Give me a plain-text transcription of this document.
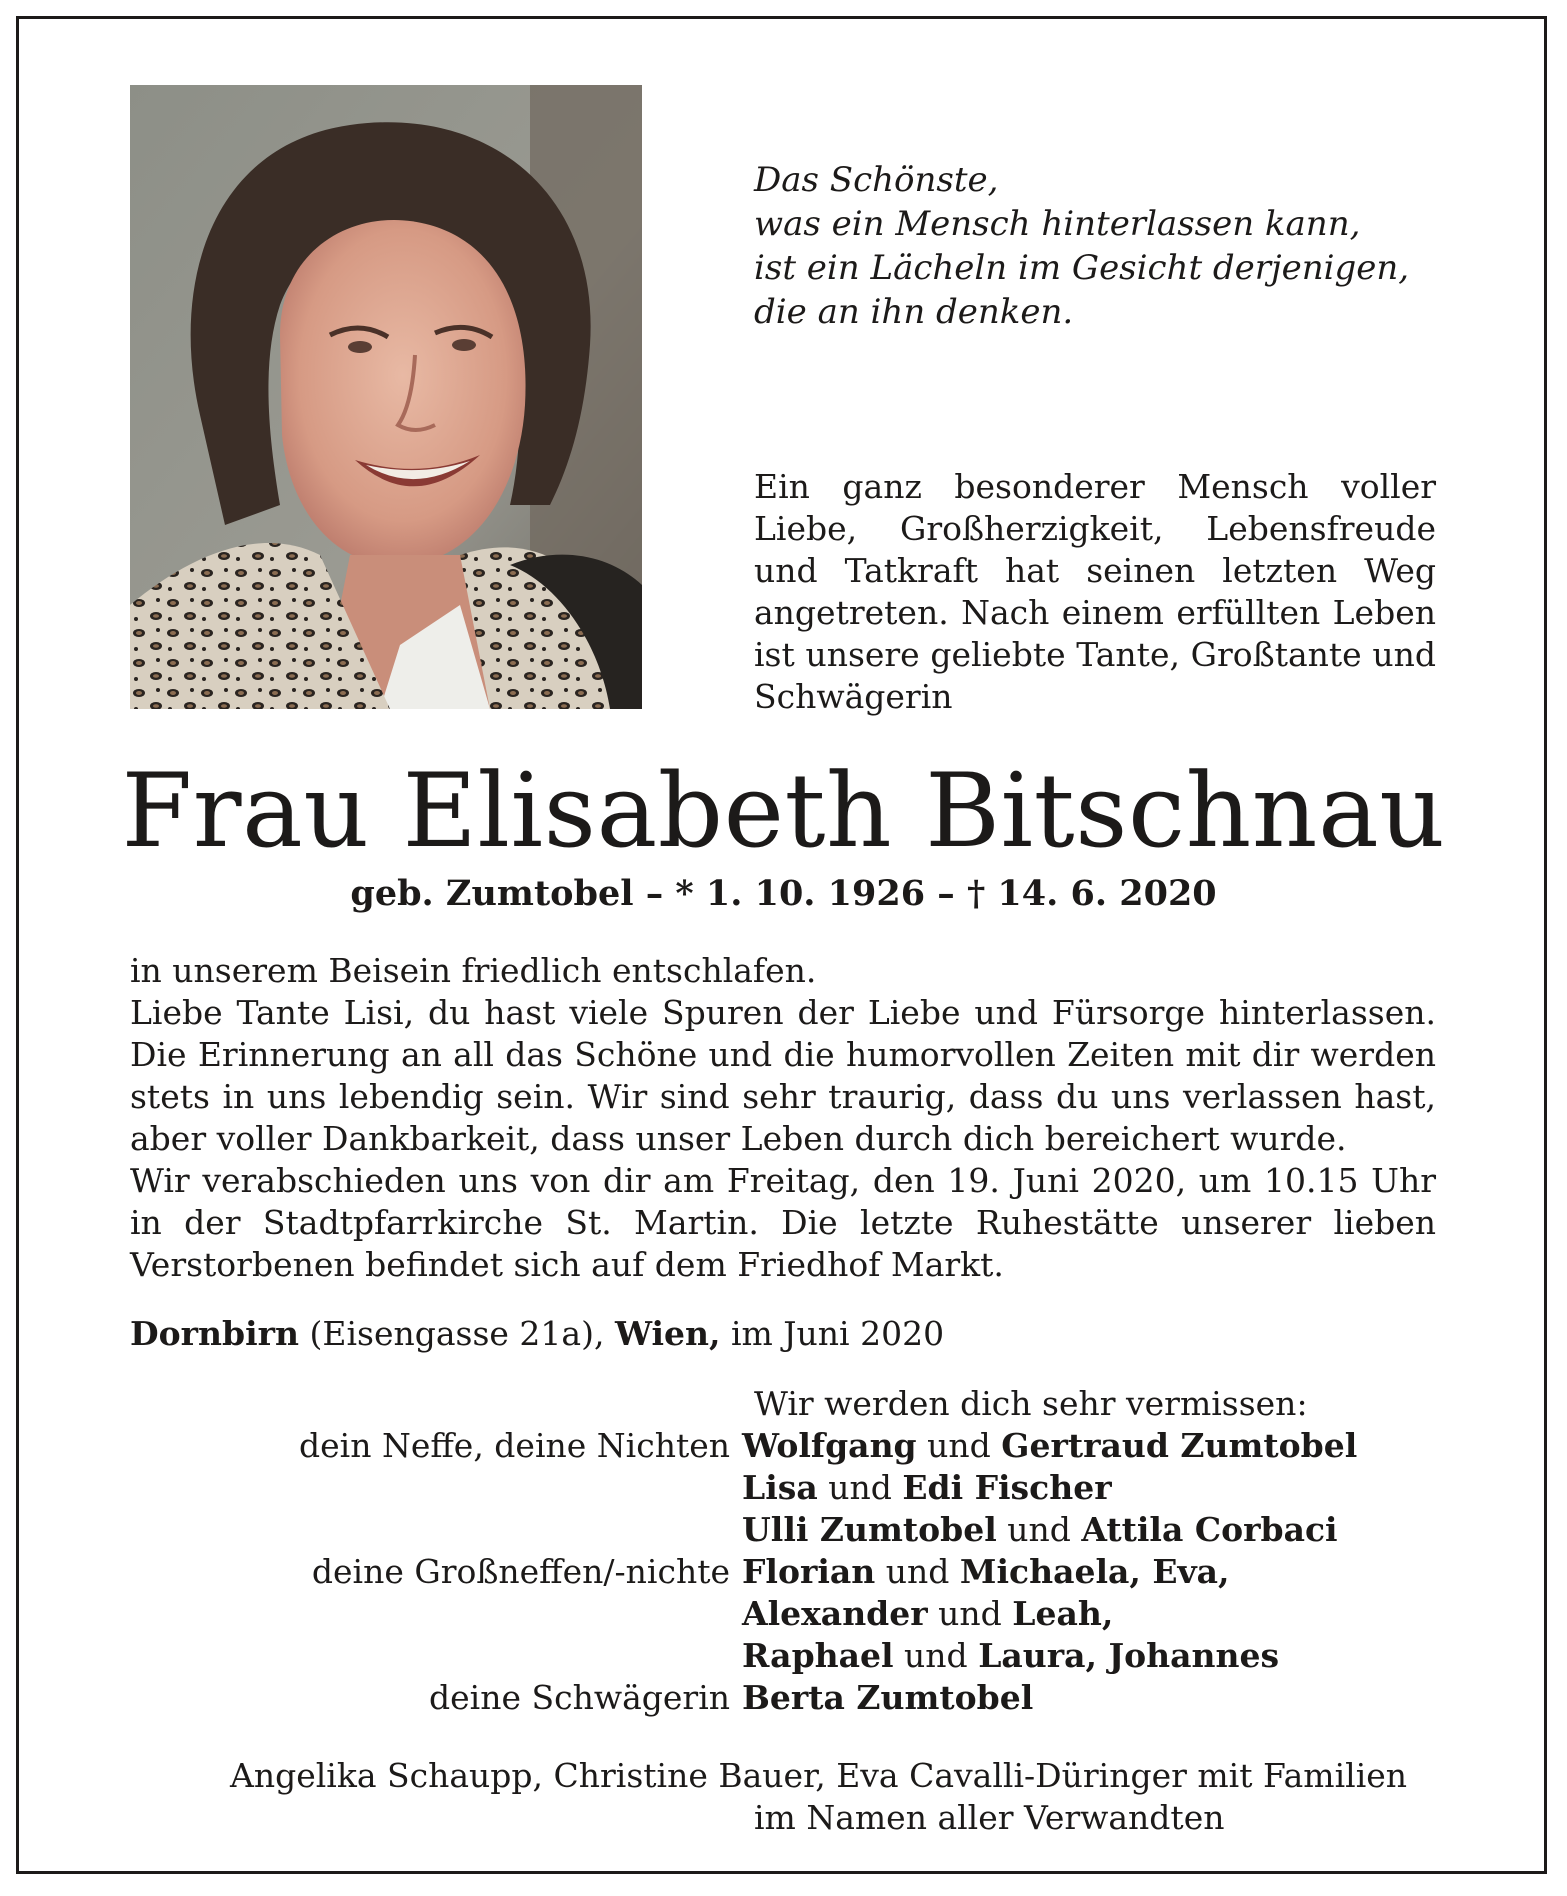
Das Schönste,
was ein Mensch hinterlassen kann,
ist ein Lächeln im Gesicht derjenigen,
die an ihn denken.
Ein ganz besonderer Mensch voller Liebe, Großherzigkeit, Lebensfreude und Tatkraft hat seinen letzten Weg angetreten. Nach einem erfüllten Leben ist unsere geliebte Tante, Großtante und Schwägerin
Frau Elisabeth Bitschnau
geb. Zumtobel – * 1. 10. 1926 – † 14. 6. 2020
in unserem Beisein friedlich entschlafen.
Liebe Tante Lisi, du hast viele Spuren der Liebe und Fürsorge hinterlassen.
Die Erinnerung an all das Schöne und die humorvollen Zeiten mit dir werden
stets in uns lebendig sein. Wir sind sehr traurig, dass du uns verlassen hast,
aber voller Dankbarkeit, dass unser Leben durch dich bereichert wurde.
Wir verabschieden uns von dir am Freitag, den 19. Juni 2020, um 10.15 Uhr
in der Stadtpfarrkirche St. Martin. Die letzte Ruhestätte unserer lieben
Verstorbenen befindet sich auf dem Friedhof Markt.
Dornbirn (Eisengasse 21a), Wien, im Juni 2020
Wir werden dich sehr vermissen:
dein Neffe, deine Nichten Wolfgang und Gertraud Zumtobel
Lisa und Edi Fischer
Ulli Zumtobel und Attila Corbaci
deine Großneffen/-nichte Florian und Michaela, Eva,
Alexander und Leah,
Raphael und Laura, Johannes
deine Schwägerin Berta Zumtobel
Angelika Schaupp, Christine Bauer, Eva Cavalli-Düringer mit Familien
im Namen aller Verwandten
